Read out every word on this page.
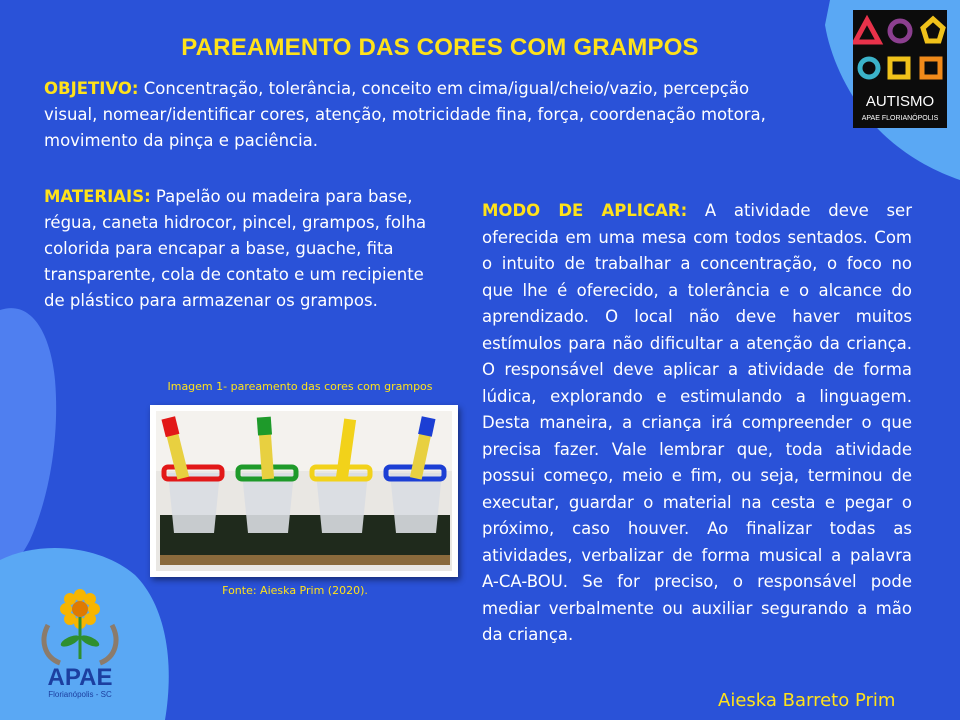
PAREAMENTO DAS CORES COM GRAMPOS
OBJETIVO: Concentração, tolerância, conceito em cima/igual/cheio/vazio, percepção visual, nomear/identificar cores, atenção, motricidade fina, força, coordenação motora, movimento da pinça e paciência.
MATERIAIS: Papelão ou madeira para base, régua, caneta hidrocor, pincel, grampos, folha colorida para encapar a base, guache, fita transparente, cola de contato e um recipiente de plástico para armazenar os grampos.
MODO DE APLICAR: A atividade deve ser oferecida em uma mesa com todos sentados. Com o intuito de trabalhar a concentração, o foco no que lhe é oferecido, a tolerância e o alcance do aprendizado. O local não deve haver muitos estímulos para não dificultar a atenção da criança. O responsável deve aplicar a atividade de forma lúdica, explorando e estimulando a linguagem. Desta maneira, a criança irá compreender o que precisa fazer. Vale lembrar que, toda atividade possui começo, meio e fim, ou seja, terminou de executar, guardar o material na cesta e pegar o próximo, caso houver. Ao finalizar todas as atividades, verbalizar de forma musical a palavra A-CA-BOU. Se for preciso, o responsável pode mediar verbalmente ou auxiliar segurando a mão da criança.
Imagem 1- pareamento das cores com grampos
Fonte: Aieska Prim (2020).
AUTISMO
APAE FLORIANÓPOLIS
APAE
Florianópolis - SC	Aieska Barreto Prim
